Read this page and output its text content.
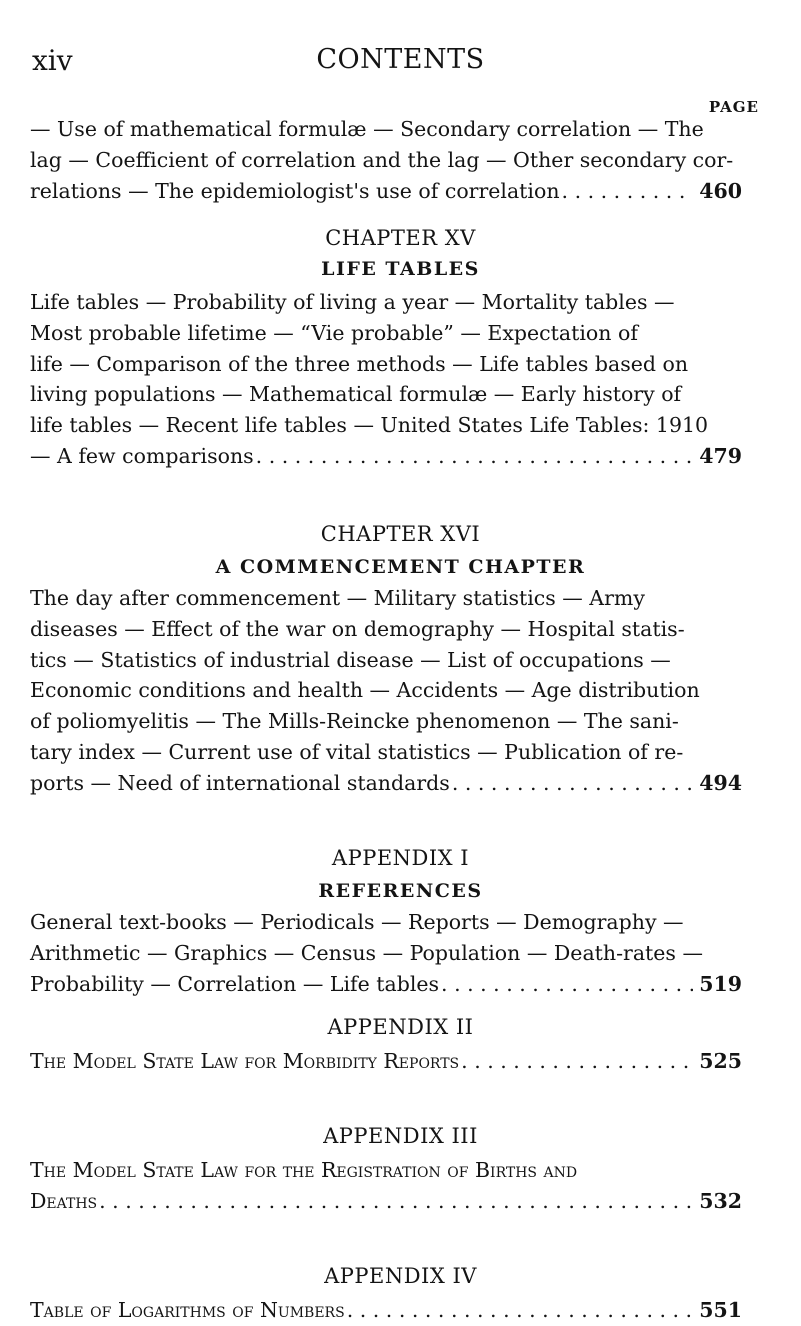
xiv	CONTENTS
PAGE

— Use of mathematical formulæ — Secondary correlation — The

lag — Coefficient of correlation and the lag — Other secondary cor-

relations — The epidemiologist's use of correlation . . .	460
CHAPTER XV
LIFE TABLES

Life tables — Probability of living a year — Mortality tables —

Most probable lifetime — “Vie probable” — Expectation of

life — Comparison of the three methods — Life tables based on

living populations — Mathematical formulæ — Early history of

life tables — Recent life tables — United States Life Tables: 1910

— A few comparisons . . .	479
CHAPTER XVI
A COMMENCEMENT CHAPTER

The day after commencement — Military statistics — Army

diseases — Effect of the war on demography — Hospital statis-

tics — Statistics of industrial disease — List of occupations —

Economic conditions and health — Accidents — Age distribution

of poliomyelitis — The Mills-Reincke phenomenon — The sani-

tary index — Current use of vital statistics — Publication of re-

ports — Need of international standards . . .	494
APPENDIX I
REFERENCES

General text-books — Periodicals — Reports — Demography —

Arithmetic — Graphics — Census — Population — Death-rates —

Probability — Correlation — Life tables . . .	519
APPENDIX II
The Model State Law for Morbidity Reports . . .	525
APPENDIX III

The Model State Law for the Registration of Births and

Deaths . . .	532
APPENDIX IV
Table of Logarithms of Numbers . . .	551
